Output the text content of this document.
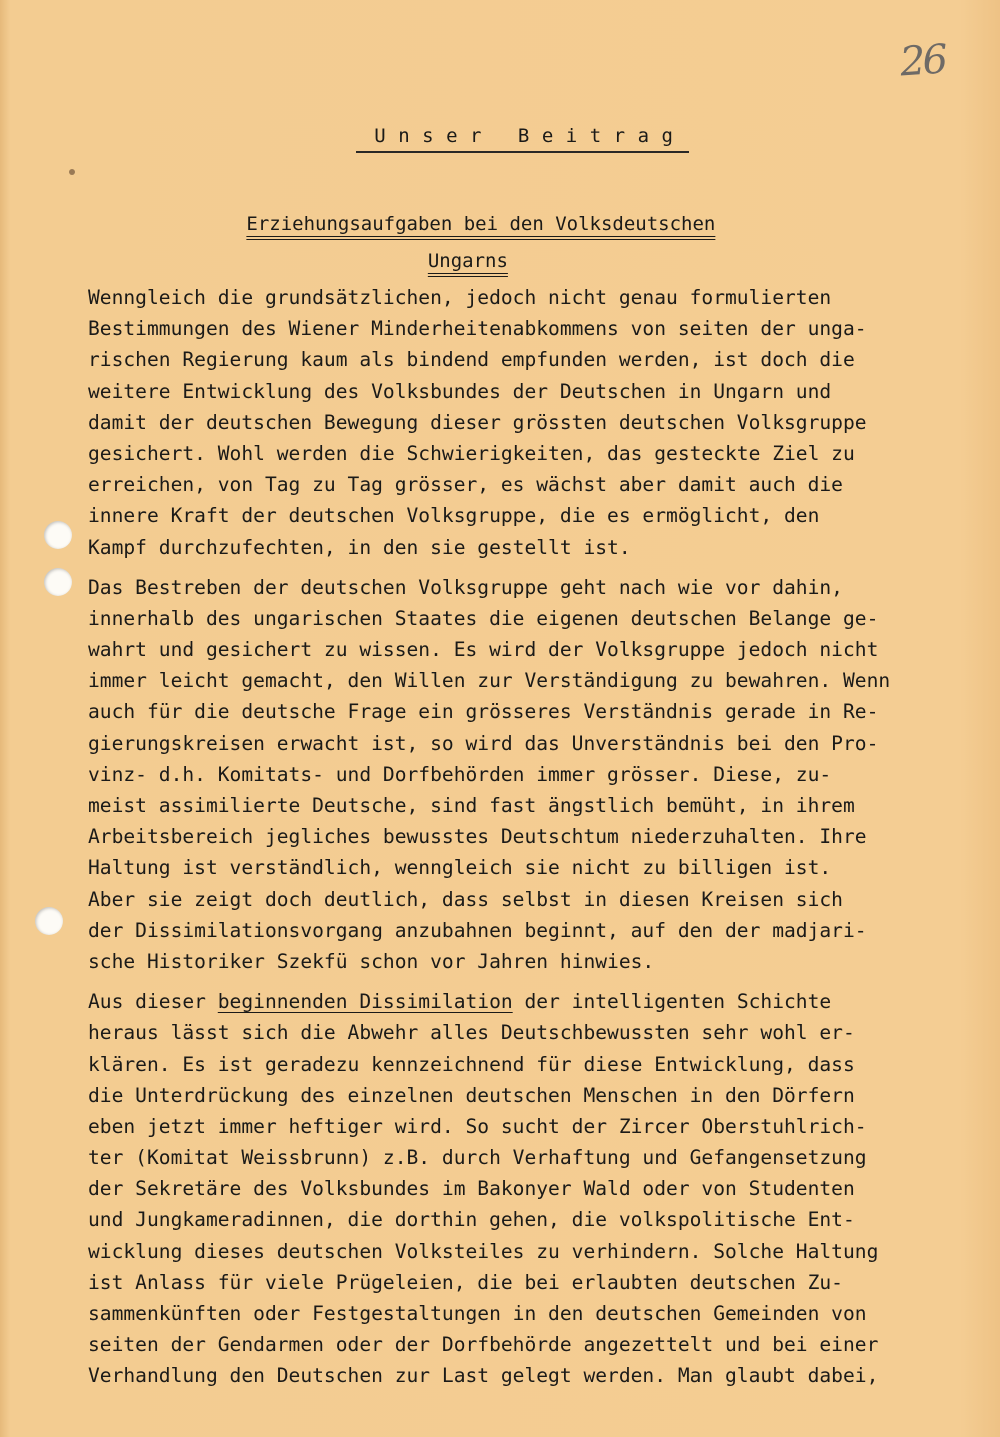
26

Unser Beitrag

Erziehungsaufgaben bei den Volksdeutschen

Ungarns

Wenngleich die grundsätzlichen, jedoch nicht genau formulierten
Bestimmungen des Wiener Minderheitenabkommens von seiten der unga-
rischen Regierung kaum als bindend empfunden werden, ist doch die
weitere Entwicklung des Volksbundes der Deutschen in Ungarn und
damit der deutschen Bewegung dieser grössten deutschen Volksgruppe
gesichert. Wohl werden die Schwierigkeiten, das gesteckte Ziel zu
erreichen, von Tag zu Tag grösser, es wächst aber damit auch die
innere Kraft der deutschen Volksgruppe, die es ermöglicht, den
Kampf durchzufechten, in den sie gestellt ist.
Das Bestreben der deutschen Volksgruppe geht nach wie vor dahin,
innerhalb des ungarischen Staates die eigenen deutschen Belange ge-
wahrt und gesichert zu wissen. Es wird der Volksgruppe jedoch nicht
immer leicht gemacht, den Willen zur Verständigung zu bewahren. Wenn
auch für die deutsche Frage ein grösseres Verständnis gerade in Re-
gierungskreisen erwacht ist, so wird das Unverständnis bei den Pro-
vinz- d.h. Komitats- und Dorfbehörden immer grösser. Diese, zu-
meist assimilierte Deutsche, sind fast ängstlich bemüht, in ihrem
Arbeitsbereich jegliches bewusstes Deutschtum niederzuhalten. Ihre
Haltung ist verständlich, wenngleich sie nicht zu billigen ist.
Aber sie zeigt doch deutlich, dass selbst in diesen Kreisen sich
der Dissimilationsvorgang anzubahnen beginnt, auf den der madjari-
sche Historiker Szekfü schon vor Jahren hinwies.
Aus dieser beginnenden Dissimilation der intelligenten Schichte
heraus lässt sich die Abwehr alles Deutschbewussten sehr wohl er-
klären. Es ist geradezu kennzeichnend für diese Entwicklung, dass
die Unterdrückung des einzelnen deutschen Menschen in den Dörfern
eben jetzt immer heftiger wird. So sucht der Zircer Oberstuhlrich-
ter (Komitat Weissbrunn) z.B. durch Verhaftung und Gefangensetzung
der Sekretäre des Volksbundes im Bakonyer Wald oder von Studenten
und Jungkameradinnen, die dorthin gehen, die volkspolitische Ent-
wicklung dieses deutschen Volksteiles zu verhindern. Solche Haltung
ist Anlass für viele Prügeleien, die bei erlaubten deutschen Zu-
sammenkünften oder Festgestaltungen in den deutschen Gemeinden von
seiten der Gendarmen oder der Dorfbehörde angezettelt und bei einer
Verhandlung den Deutschen zur Last gelegt werden. Man glaubt dabei,
